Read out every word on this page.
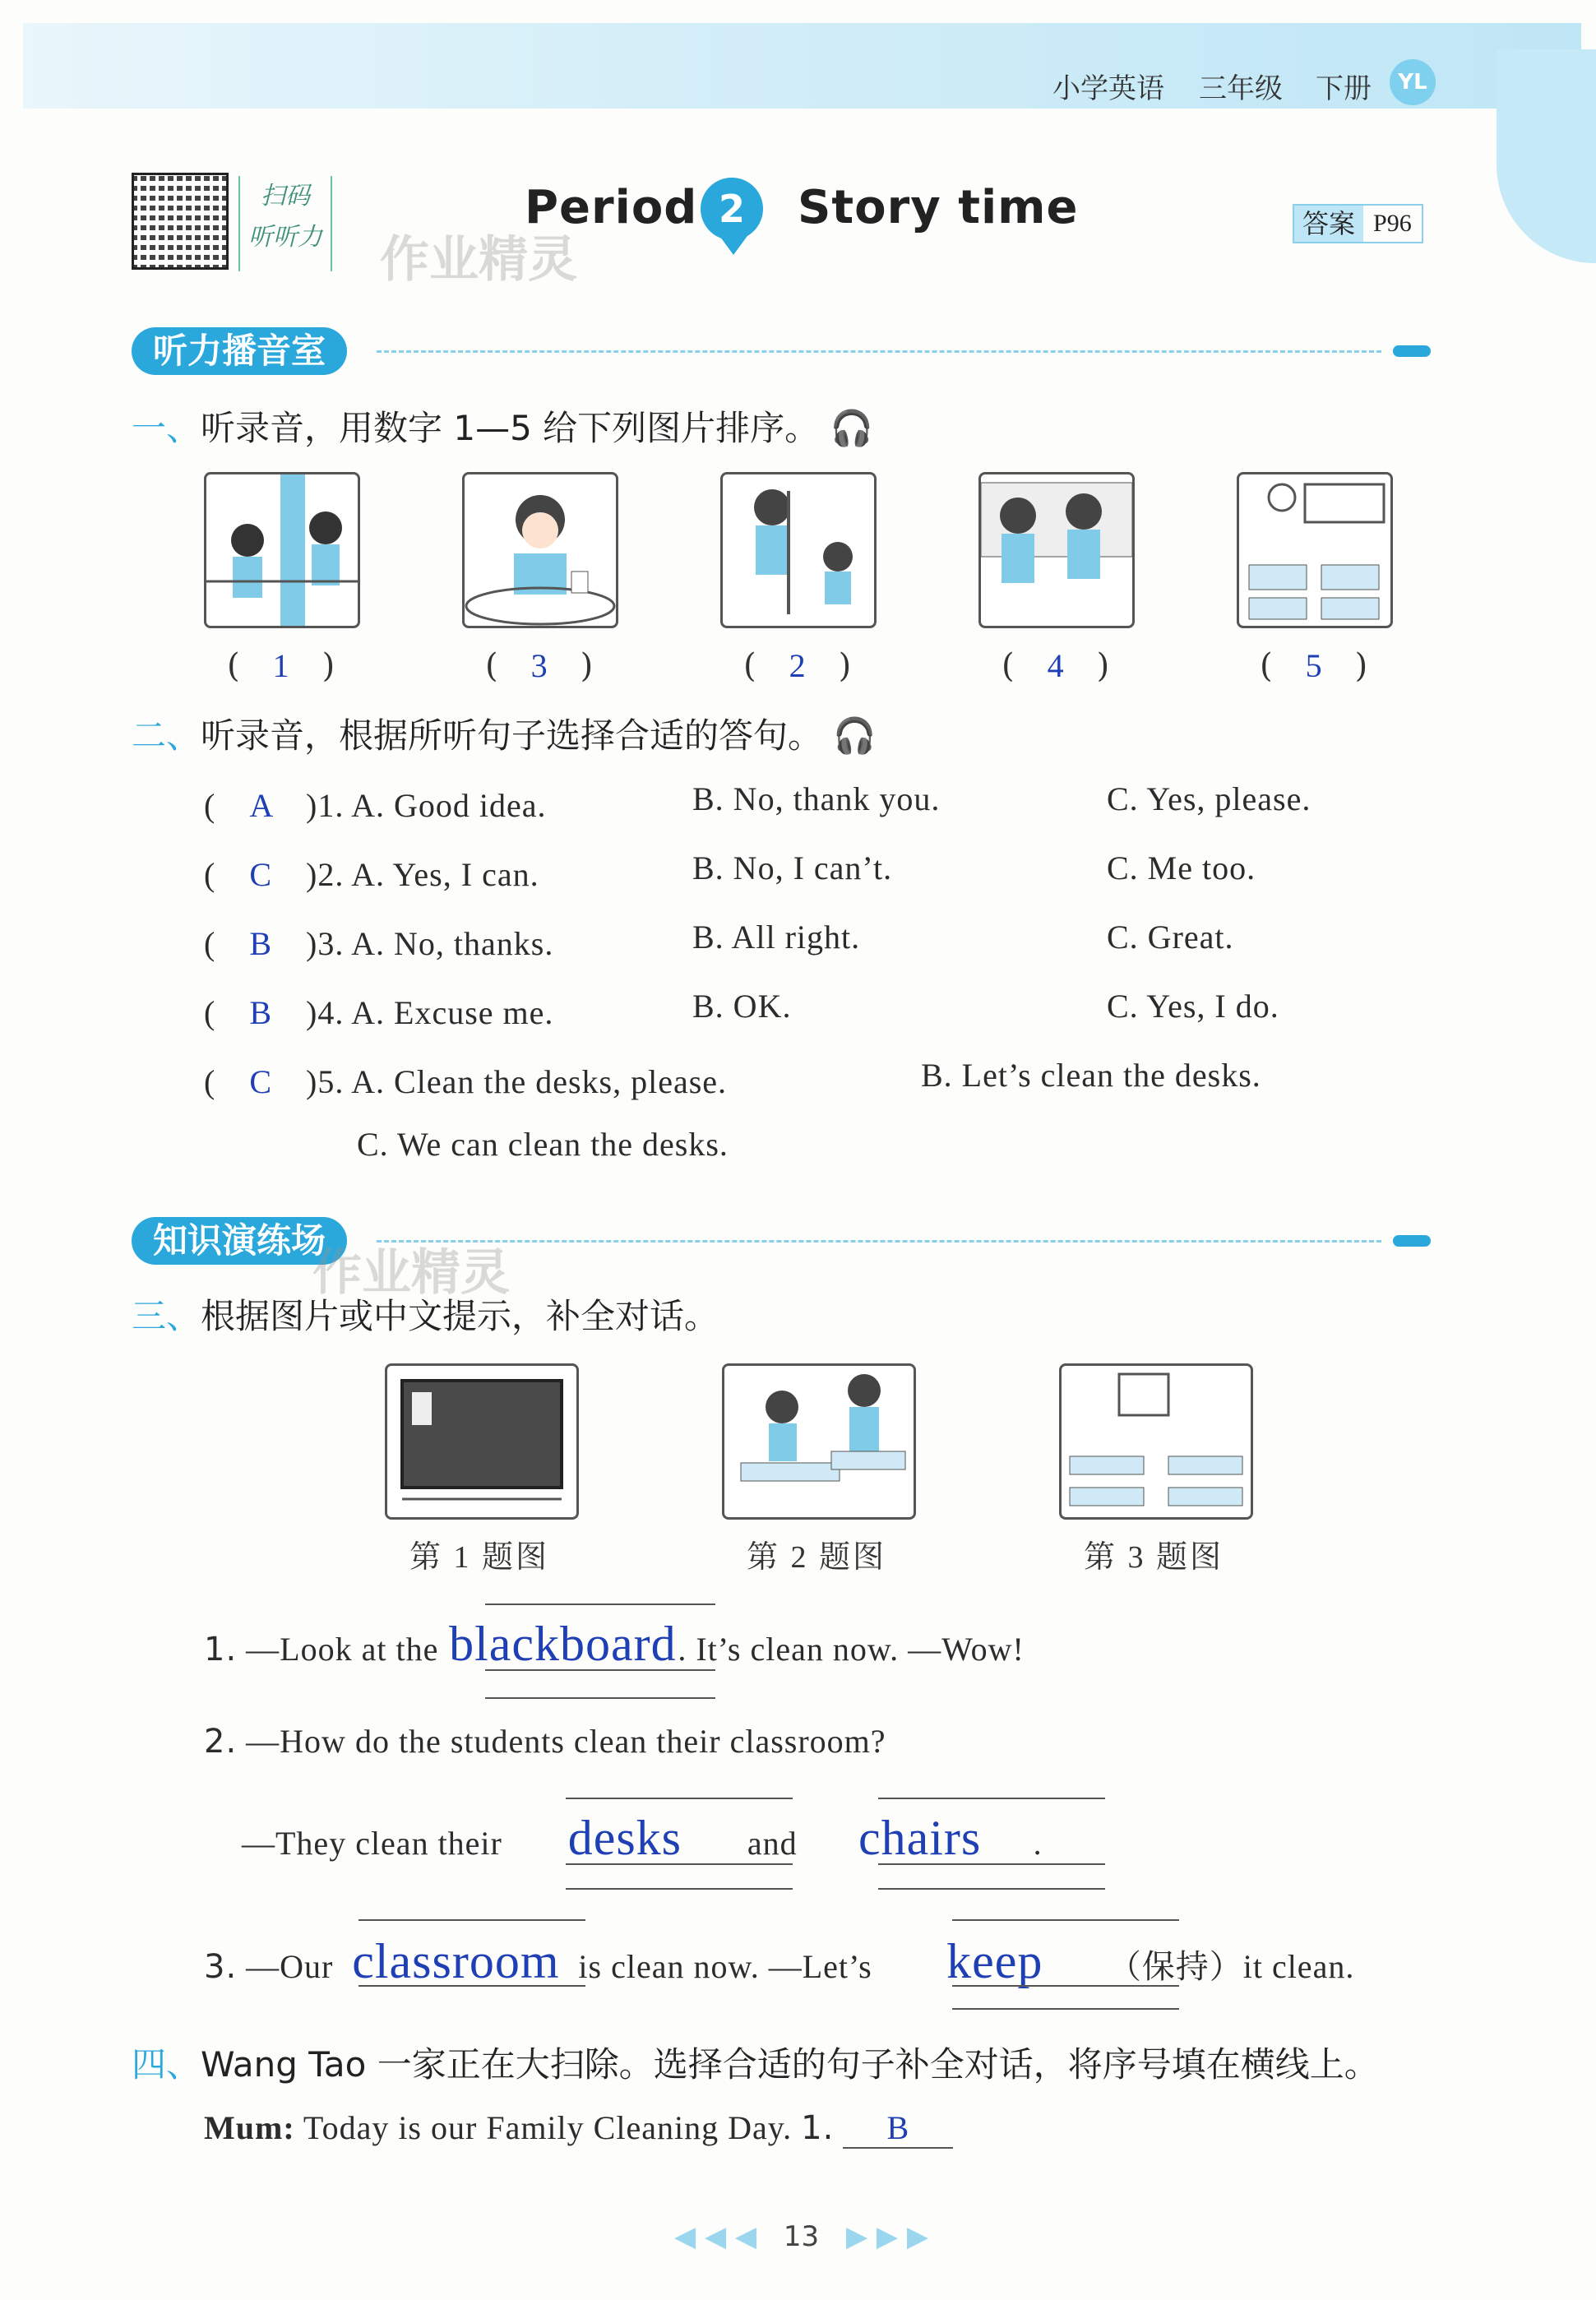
小学英语 三年级 下册	YL
扫码
听听力 作业精灵
Period 2	Story time	答案 P96
听力播音室
一、听录音，用数字 1—5 给下列图片排序。 🎧
(　1　)	(　3　)	(　2　)	(　4　)	(　5　)
二、听录音，根据所听句子选择合适的答句。 🎧
(　A　 )1. A. Good idea.	B. No, thank you.	C. Yes, please.
(　C　 )2. A. Yes, I can.	B. No, I can’t.	C. Me too.
(　B　 )3. A. No, thanks.	B. All right.	C. Great.
(　B　 )4. A. Excuse me.	B. OK.	C. Yes, I do.
(　C　 )5. A. Clean the desks, please.	B. Let’s clean the desks.
C. We can clean the desks.
知识演练场
作业精灵
三、根据图片或中文提示，补全对话。
第 1 题图	第 2 题图	第 3 题图
1. —Look at the blackboard. It’s clean now. —Wow!
2. —How do the students clean their classroom?
—They clean their desks and chairs .
3. —Our classroom is clean now. —Let’s keep （保持）it clean.
四、Wang Tao 一家正在大扫除。选择合适的句子补全对话，将序号填在横线上。
Mum: Today is our Family Cleaning Day. 1. B
◀ ◀ ◀ 13 ▶ ▶ ▶
